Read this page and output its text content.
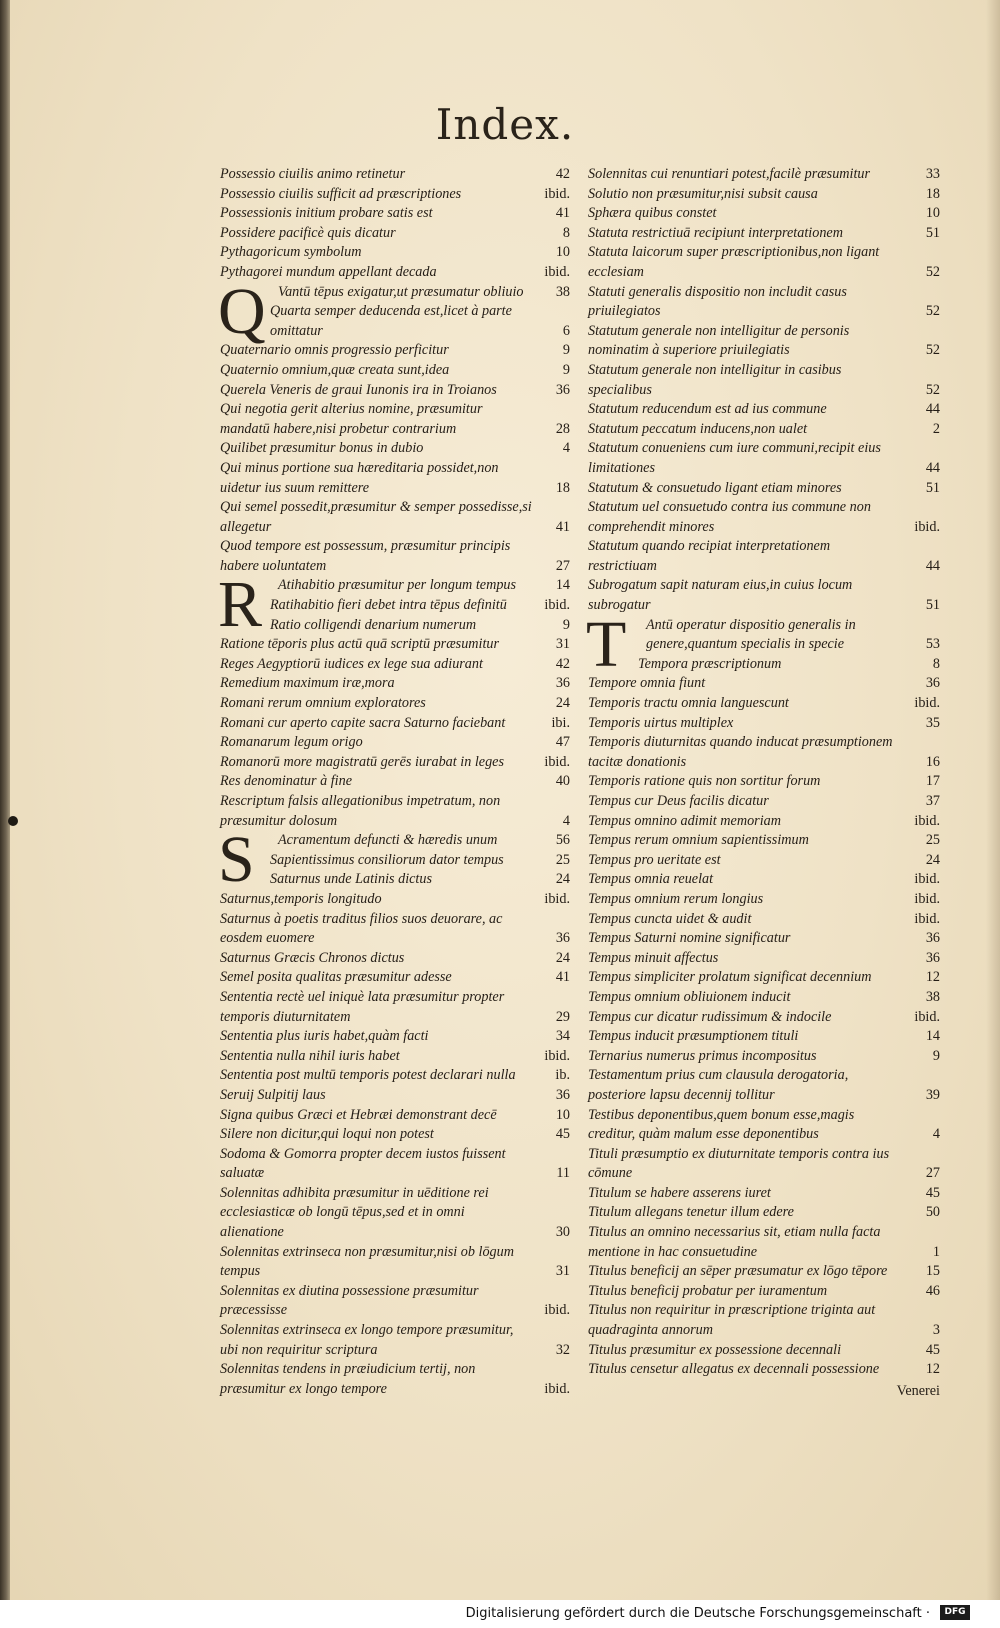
Index.
Possessio ciuilis animo retinetur	42
Possessio ciuilis sufficit ad præscriptiones	ibid.
Possessionis initium probare satis est	41
Possidere pacificè quis dicatur	8
Pythagoricum symbolum	10
Pythagorei mundum appellant decada	ibid.
Q Vantū tēpus exigatur,ut præsumatur obliuio	38
Quarta semper deducenda est,licet à parte omittatur	6
Quaternario omnis progressio perficitur	9
Quaternio omnium,quæ creata sunt,idea	9
Querela Veneris de graui Iunonis ira in Troianos	36
Qui negotia gerit alterius nomine, præsumitur mandatū habere,nisi probetur contrarium	28
Quilibet præsumitur bonus in dubio	4
Qui minus portione sua hæreditaria possidet,non uidetur ius suum remittere	18
Qui semel possedit,præsumitur & semper possedisse,si allegetur	41
Quod tempore est possessum, præsumitur principis habere uoluntatem	27
R	Atihabitio præsumitur per longum tempus	14
Ratihabitio fieri debet intra tēpus definitū	ibid.
Ratio colligendi denarium numerum	9
Ratione tēporis plus actū quā scriptū præsumitur	31
Reges Aegyptiorū iudices ex lege sua adiurant	42
Remedium maximum iræ,mora	36
Romani rerum omnium exploratores	24
Romani cur aperto capite sacra Saturno faciebant	ibi.
Romanarum legum origo	47
Romanorū more magistratū gerēs iurabat in leges	ibid.
Res denominatur à fine	40
Rescriptum falsis allegationibus impetratum, non præsumitur dolosum	4
S	Acramentum defuncti & hæredis unum	56
Sapientissimus consiliorum dator tempus	25
Saturnus unde Latinis dictus	24
Saturnus,temporis longitudo	ibid.
Saturnus à poetis traditus filios suos deuorare, ac eosdem euomere	36
Saturnus Græcis Chronos dictus	24
Semel posita qualitas præsumitur adesse	41
Sententia rectè uel iniquè lata præsumitur propter temporis diuturnitatem	29
Sententia plus iuris habet,quàm facti	34
Sententia nulla nihil iuris habet	ibid.
Sententia post multū temporis potest declarari nulla	ib.
Seruij Sulpitij laus	36
Signa quibus Græci et Hebræi demonstrant decē	10
Silere non dicitur,qui loqui non potest	45
Sodoma & Gomorra propter decem iustos fuissent saluatæ	11
Solennitas adhibita præsumitur in uēditione rei ecclesiasticæ ob longū tēpus,sed et in omni alienatione	30
Solennitas extrinseca non præsumitur,nisi ob lōgum tempus	31
Solennitas ex diutina possessione præsumitur præcessisse	ibid.
Solennitas extrinseca ex longo tempore præsumitur, ubi non requiritur scriptura	32
Solennitas tendens in præiudicium tertij, non præsumitur ex longo tempore	ibid.
Solennitas cui renuntiari potest,facilè præsumitur	33
Solutio non præsumitur,nisi subsit causa	18
Sphæra quibus constet	10
Statuta restrictiuā recipiunt interpretationem	51
Statuta laicorum super præscriptionibus,non ligant ecclesiam	52
Statuti generalis dispositio non includit casus priuilegiatos	52
Statutum generale non intelligitur de personis nominatim à superiore priuilegiatis	52
Statutum generale non intelligitur in casibus specialibus	52
Statutum reducendum est ad ius commune	44
Statutum peccatum inducens,non ualet	2
Statutum conueniens cum iure communi,recipit eius limitationes	44
Statutum & consuetudo ligant etiam minores	51
Statutum uel consuetudo contra ius commune non comprehendit minores	ibid.
Statutum quando recipiat interpretationem restrictiuam	44
Subrogatum sapit naturam eius,in cuius locum subrogatur	51
T	Antū operatur dispositio generalis in genere,quantum specialis in specie	53
Tempora præscriptionum	8
Tempore omnia fiunt	36
Temporis tractu omnia languescunt	ibid.
Temporis uirtus multiplex	35
Temporis diuturnitas quando inducat præsumptionem tacitæ donationis	16
Temporis ratione quis non sortitur forum	17
Tempus cur Deus facilis dicatur	37
Tempus omnino adimit memoriam	ibid.
Tempus rerum omnium sapientissimum	25
Tempus pro ueritate est	24
Tempus omnia reuelat	ibid.
Tempus omnium rerum longius	ibid.
Tempus cuncta uidet & audit	ibid.
Tempus Saturni nomine significatur	36
Tempus minuit affectus	36
Tempus simpliciter prolatum significat decennium	12
Tempus omnium obliuionem inducit	38
Tempus cur dicatur rudissimum & indocile	ibid.
Tempus inducit præsumptionem tituli	14
Ternarius numerus primus incompositus	9
Testamentum prius cum clausula derogatoria, posteriore lapsu decennij tollitur	39
Testibus deponentibus,quem bonum esse,magis creditur, quàm malum esse deponentibus	4
Tituli præsumptio ex diuturnitate temporis contra ius cōmune	27
Titulum se habere asserens iuret	45
Titulum allegans tenetur illum edere	50
Titulus an omnino necessarius sit, etiam nulla facta mentione in hac consuetudine	1
Titulus beneficij an sēper præsumatur ex lōgo tēpore	15
Titulus beneficij probatur per iuramentum	46
Titulus non requiritur in præscriptione triginta aut quadraginta annorum	3
Titulus præsumitur ex possessione decennali	45
Titulus censetur allegatus ex decennali possessione	12
Venerei
Digitalisierung gefördert durch die Deutsche Forschungsgemeinschaft ·	DFG
